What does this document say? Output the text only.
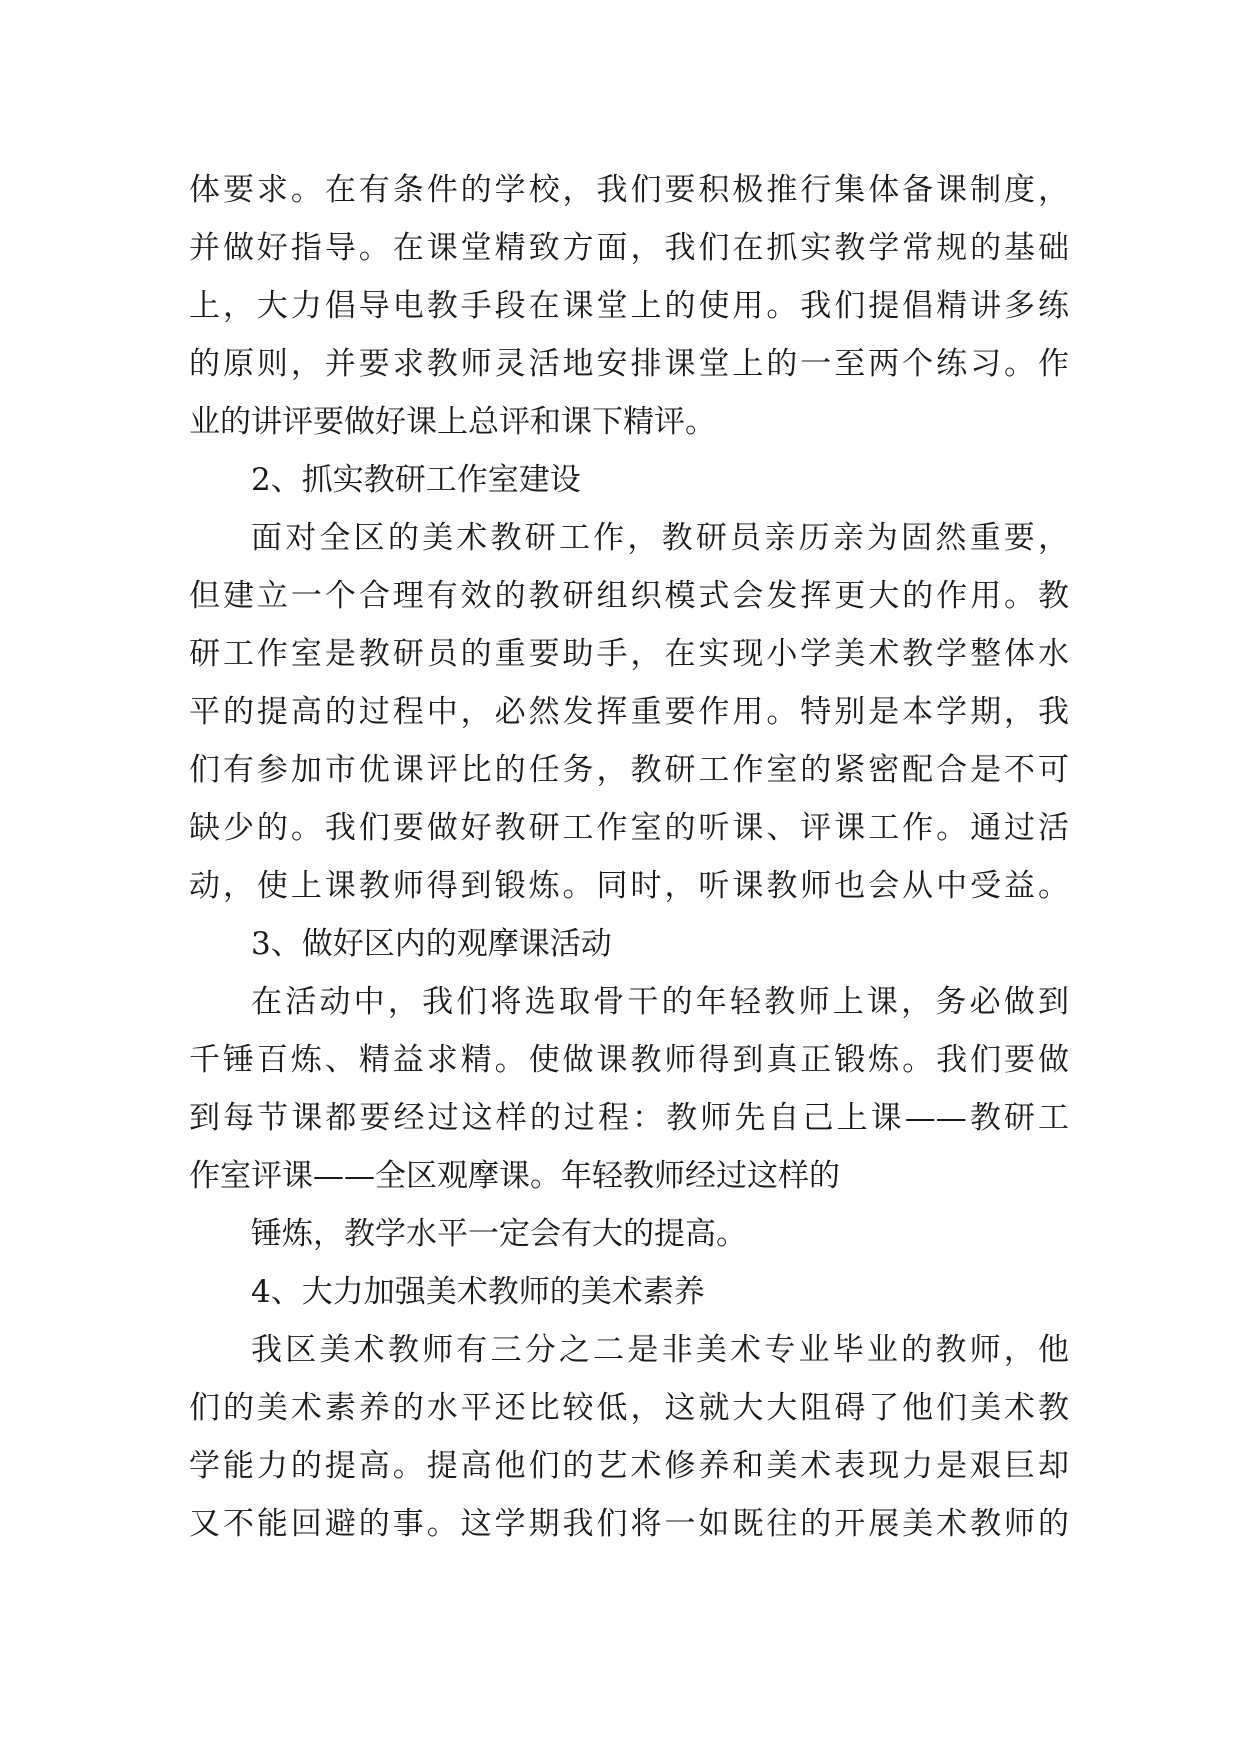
体要求。在有条件的学校，我们要积极推行集体备课制度，
并做好指导。在课堂精致方面，我们在抓实教学常规的基础
上，大力倡导电教手段在课堂上的使用。我们提倡精讲多练
的原则，并要求教师灵活地安排课堂上的一至两个练习。作
业的讲评要做好课上总评和课下精评。
2、抓实教研工作室建设
面对全区的美术教研工作，教研员亲历亲为固然重要，
但建立一个合理有效的教研组织模式会发挥更大的作用。教
研工作室是教研员的重要助手，在实现小学美术教学整体水
平的提高的过程中，必然发挥重要作用。特别是本学期，我
们有参加市优课评比的任务，教研工作室的紧密配合是不可
缺少的。我们要做好教研工作室的听课、评课工作。通过活
动，使上课教师得到锻炼。同时，听课教师也会从中受益。
3、做好区内的观摩课活动
在活动中，我们将选取骨干的年轻教师上课，务必做到
千锤百炼、精益求精。使做课教师得到真正锻炼。我们要做
到每节课都要经过这样的过程：教师先自己上课——教研工
作室评课——全区观摩课。年轻教师经过这样的
锤炼，教学水平一定会有大的提高。
4、大力加强美术教师的美术素养
我区美术教师有三分之二是非美术专业毕业的教师，他
们的美术素养的水平还比较低，这就大大阻碍了他们美术教
学能力的提高。提高他们的艺术修养和美术表现力是艰巨却
又不能回避的事。这学期我们将一如既往的开展美术教师的
